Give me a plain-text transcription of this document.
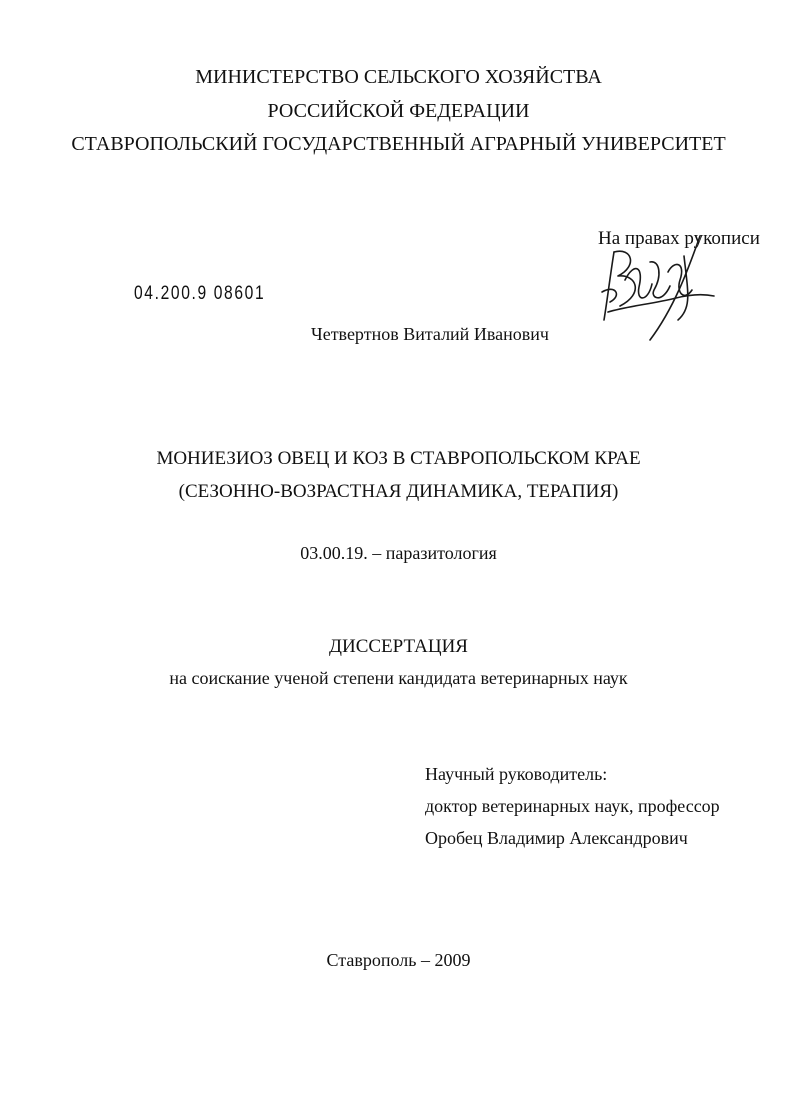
МИНИСТЕРСТВО СЕЛЬСКОГО ХОЗЯЙСТВА
РОССИЙСКОЙ ФЕДЕРАЦИИ
СТАВРОПОЛЬСКИЙ ГОСУДАРСТВЕННЫЙ АГРАРНЫЙ УНИВЕРСИТЕТ
На правах рукописи
04.200.9 08601
Четвертнов Виталий Иванович
МОНИЕЗИОЗ ОВЕЦ И КОЗ В СТАВРОПОЛЬСКОМ КРАЕ
(СЕЗОННО-ВОЗРАСТНАЯ ДИНАМИКА, ТЕРАПИЯ)
03.00.19. – паразитология
ДИССЕРТАЦИЯ
на соискание ученой степени кандидата ветеринарных наук
Научный руководитель:
доктор ветеринарных наук, профессор
Оробец Владимир Александрович
Ставрополь – 2009
